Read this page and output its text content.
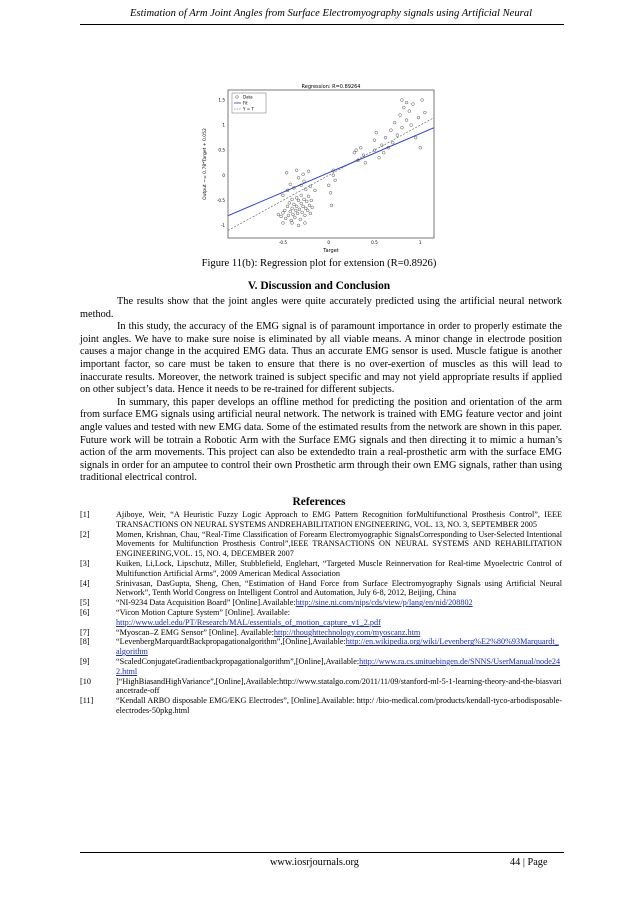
Estimation of Arm Joint Angles from Surface Electromyography signals using Artificial Neural
Regression: R=0.89264
Target
Output ~= 0.78*Target + 0.052
-0.5	0	0.5	1
-1
-0.5
0
0.5
1
1.5
Data
Fit
Y = T
Figure 11(b): Regression plot for extension (R=0.8926)
V. Discussion and Conclusion

The results show that the joint angles were quite accurately predicted using the artificial neural network method.

In this study, the accuracy of the EMG signal is of paramount importance in order to properly estimate the joint angles. We have to make sure noise is eliminated by all viable means. A minor change in electrode position causes a major change in the acquired EMG data. Thus an accurate EMG sensor is used. Muscle fatigue is another important factor, so care must be taken to ensure that there is no over-exertion of muscles as this will lead to inaccurate results. Moreover, the network trained is subject specific and may not yield appropriate results if applied on other subject’s data. Hence it needs to be re-trained for different subjects.

In summary, this paper develops an offline method for predicting the position and orientation of the arm from surface EMG signals using artificial neural network. The network is trained with EMG feature vector and joint angle values and tested with new EMG data. Some of the estimated results from the network are shown in this paper. Future work will be totrain a Robotic Arm with the Surface EMG signals and then directing it to mimic a human’s action of the arm movements. This project can also be extendedto train a real-prosthetic arm with the surface EMG signals in order for an amputee to control their own Prosthetic arm through their own EMG signals, rather than using traditional electrical control.

References
[1]	Ajiboye, Weir, “A Heuristic Fuzzy Logic Approach to EMG Pattern Recognition forMultifunctional Prosthesis Control”, IEEE TRANSACTIONS ON NEURAL SYSTEMS ANDREHABILITATION ENGINEERING, VOL. 13, NO. 3, SEPTEMBER 2005
[2]	Momen, Krishnan, Chau, “Real-Time Classification of Forearm Electromyographic SignalsCorresponding to User-Selected Intentional Movements for Multifunction Prosthesis Control”,IEEE TRANSACTIONS ON NEURAL SYSTEMS AND REHABILITATION ENGINEERING,VOL. 15, NO. 4, DECEMBER 2007
[3]	Kuiken, Li,Lock, Lipschutz, Miller, Stubblefield, Englehart, “Targeted Muscle Reinnervation for Real-time Myoelectric Control of Multifunction Artificial Arms”, 2009 American Medical Association
[4]	Srinivasan, DasGupta, Sheng, Chen, “Estimation of Hand Force from Surface Electromyography Signals using Artificial Neural Network”, Tenth World Congress on Intelligent Control and Automation, July 6-8, 2012, Beijing, China
[5]	“NI-9234 Data Acquisition Board” [Online].Available:http://sine.ni.com/nips/cds/view/p/lang/en/nid/208802
[6]	“Vicon Motion Capture System” [Online]. Available:
http://www.udel.edu/PT/Research/MAL/essentials_of_motion_capture_v1_2.pdf
[7]	“Myoscan–Z EMG Sensor” [Online]. Available:http://thoughttechnology.com/myoscanz.htm
[8]	“LevenbergMarquardtBackpropagationalgorithm”,[Online],Available:http://en.wikipedia.org/wiki/Levenberg%E2%80%93Marquardt_algorithm
[9]	“ScaledConjugateGradientbackpropagationalgorithm”,[Online],Available:http://www.ra.cs.unituebingen.de/SNNS/UserManual/node242.html
[10	]“HighBiasandHighVariance”,[Online],Available:http://www.statalgo.com/2011/11/09/stanford-ml-5-1-learning-theory-and-the-biasvariancetrade-off
[11]	“Kendall ARBO disposable EMG/EKG Electrodes”, [Online].Available: http:/ /bio-medical.com/products/kendall-tyco-arbodisposable-electrodes-50pkg.html
www.iosrjournals.org	44 | Page
